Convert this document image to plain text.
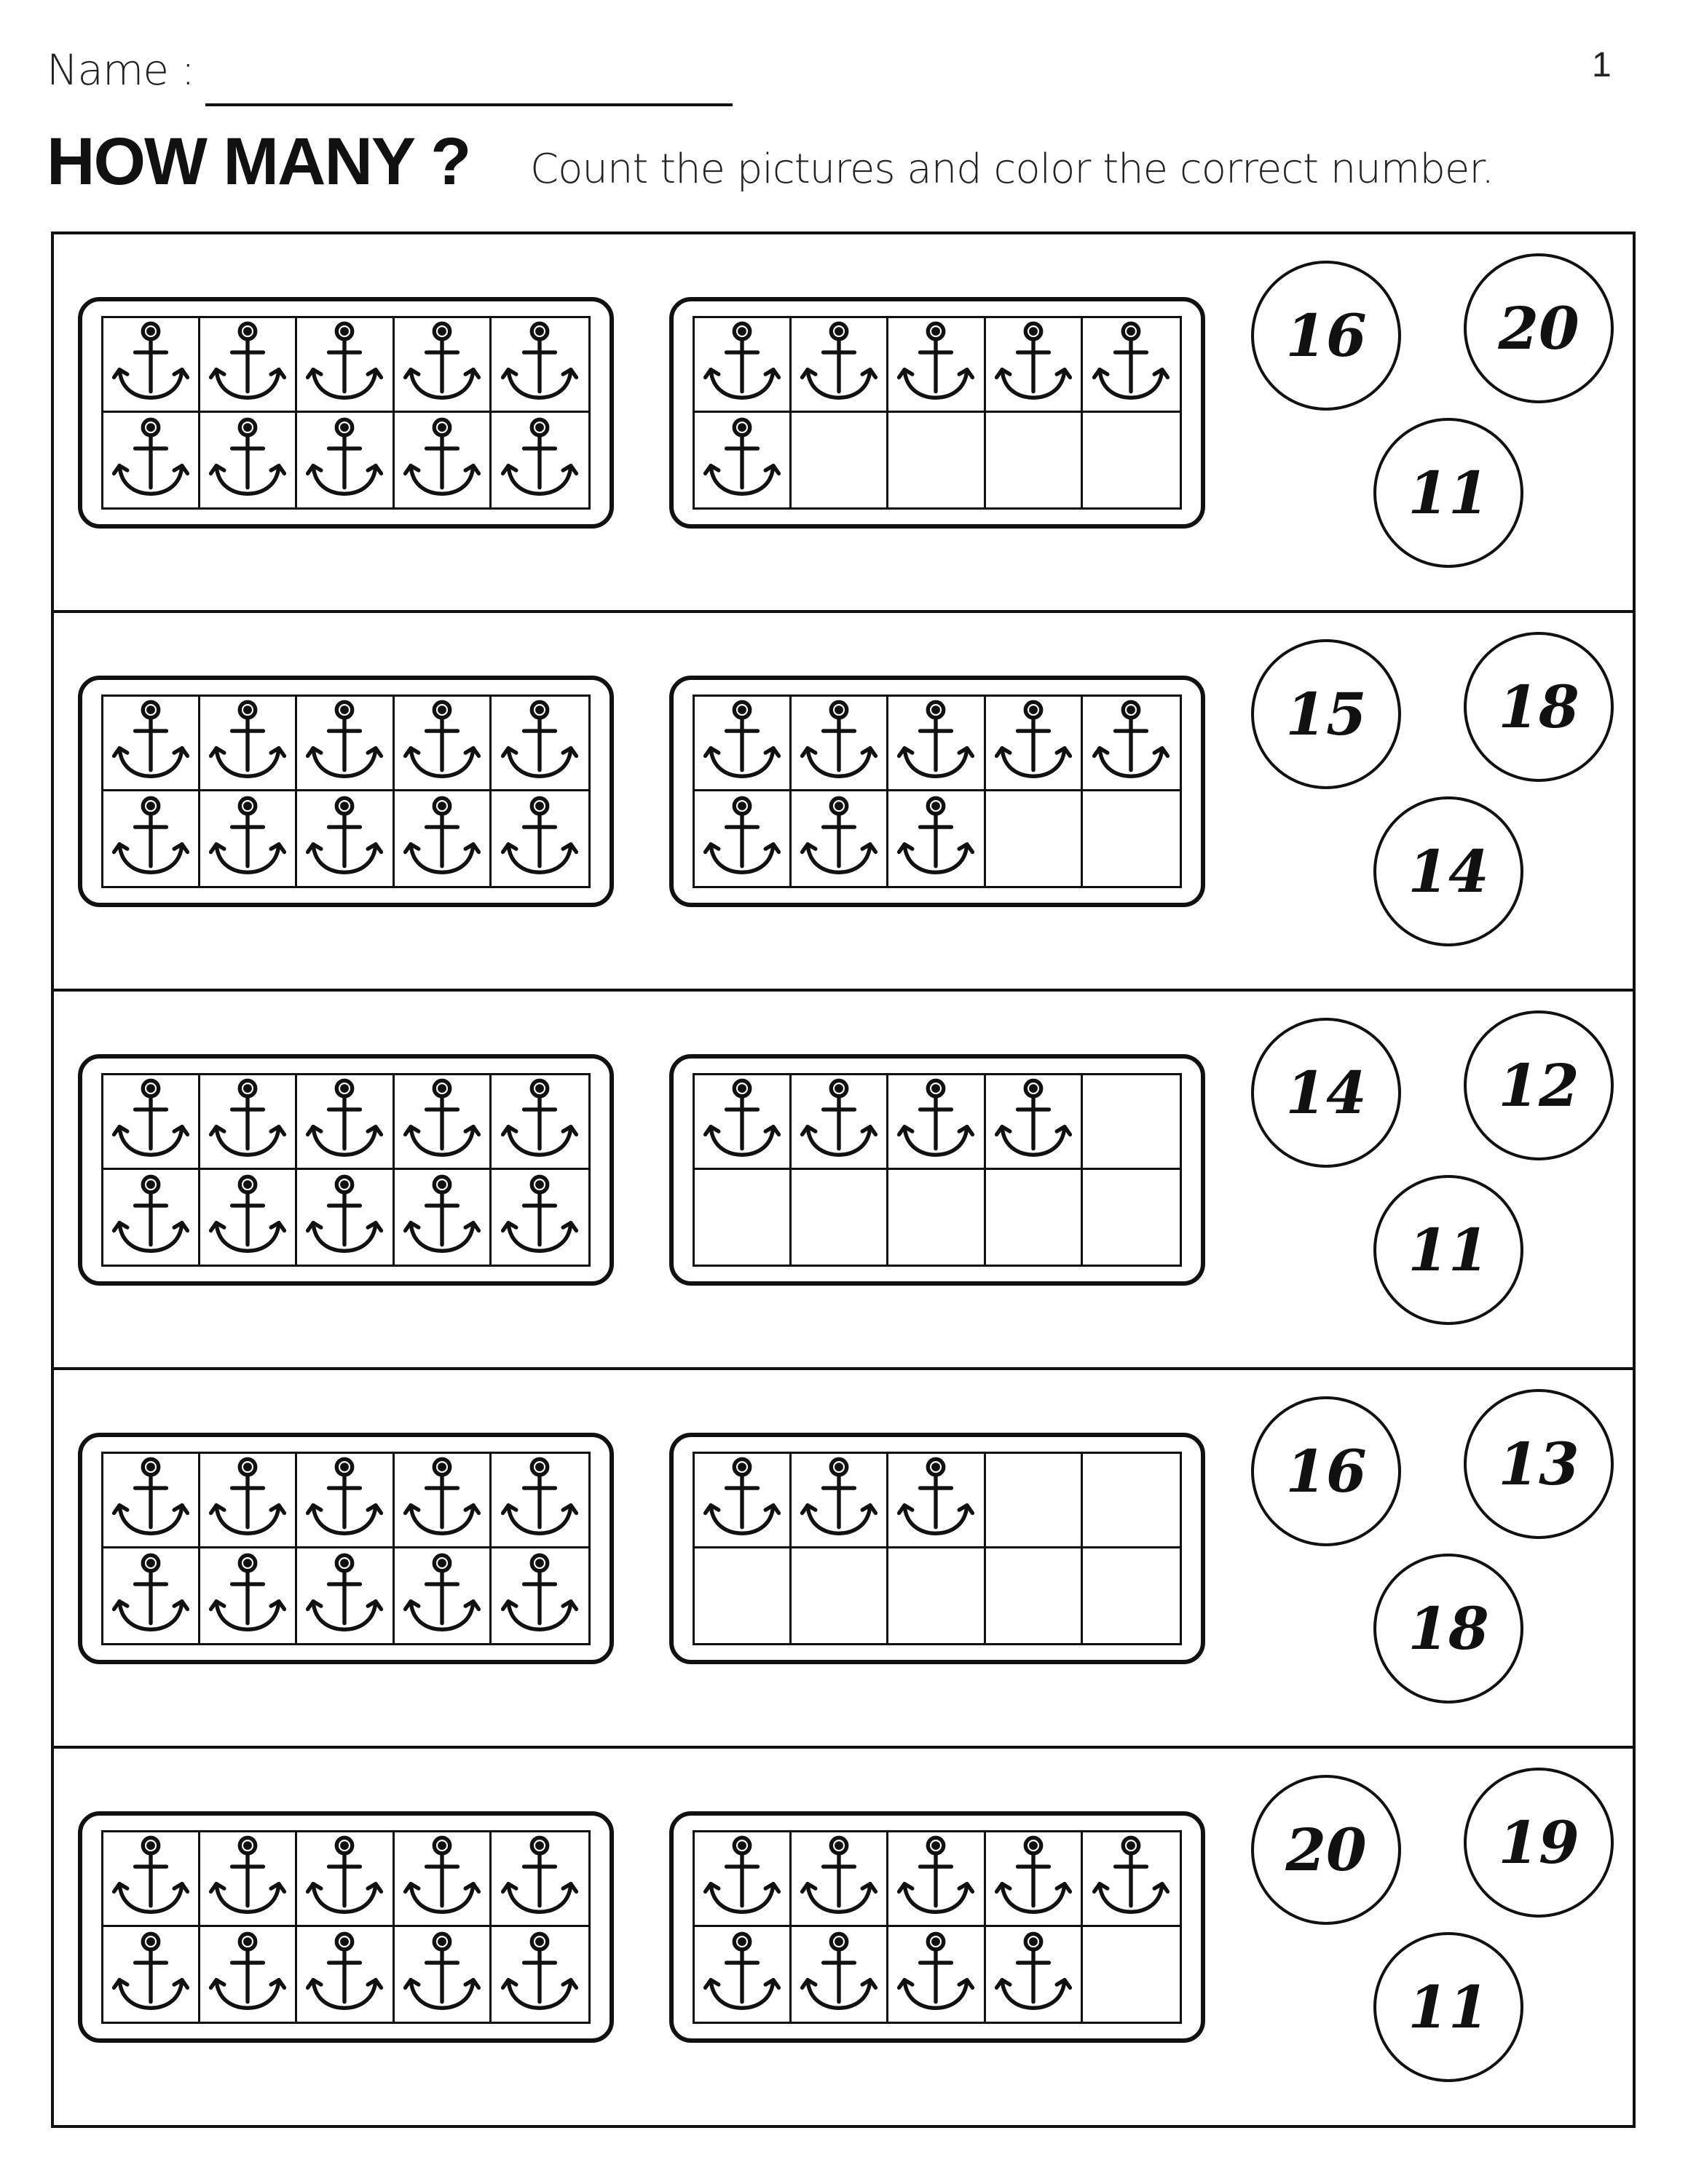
Name :	1
HOW MANY ? Count the pictures and color the correct number.
16	20
11
15	18
14
14	12
11
16	13
18
20	19
11
